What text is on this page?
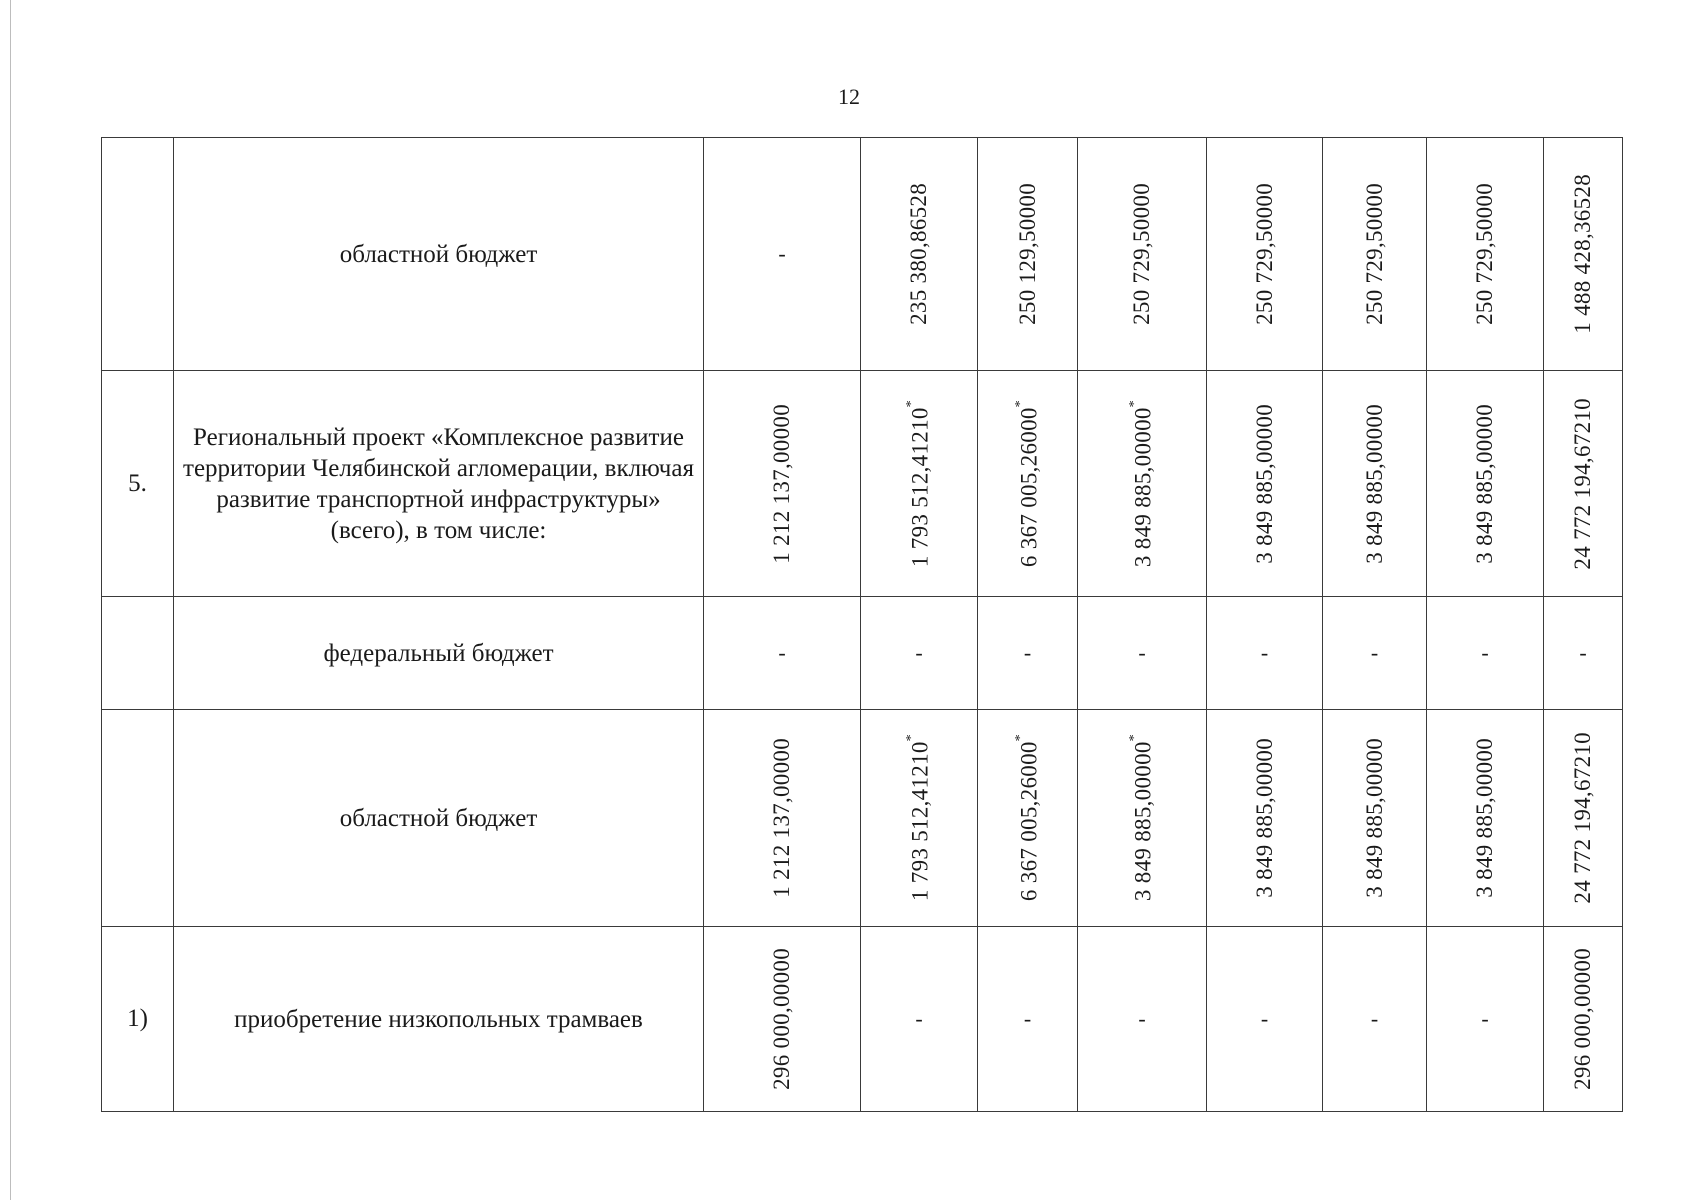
12
	областной бюджет	-	235 380,86528	250 129,50000	250 729,50000	250 729,50000	250 729,50000	250 729,50000	1 488 428,36528

5.	Региональный проект «Комплексное развитие территории Челябинской агломерации, включая развитие транспортной инфраструктуры» (всего), в том числе:	1 212 137,00000	1 793 512,41210*	6 367 005,26000*	3 849 885,00000*	3 849 885,00000	3 849 885,00000	3 849 885,00000	24 772 194,67210

	федеральный бюджет	-	-	-	-	-	-	-	-

	областной бюджет	1 212 137,00000	1 793 512,41210*	6 367 005,26000*	3 849 885,00000*	3 849 885,00000	3 849 885,00000	3 849 885,00000	24 772 194,67210

1)	приобретение низкопольных трамваев	296 000,00000	-	-	-	-	-	-	296 000,00000
